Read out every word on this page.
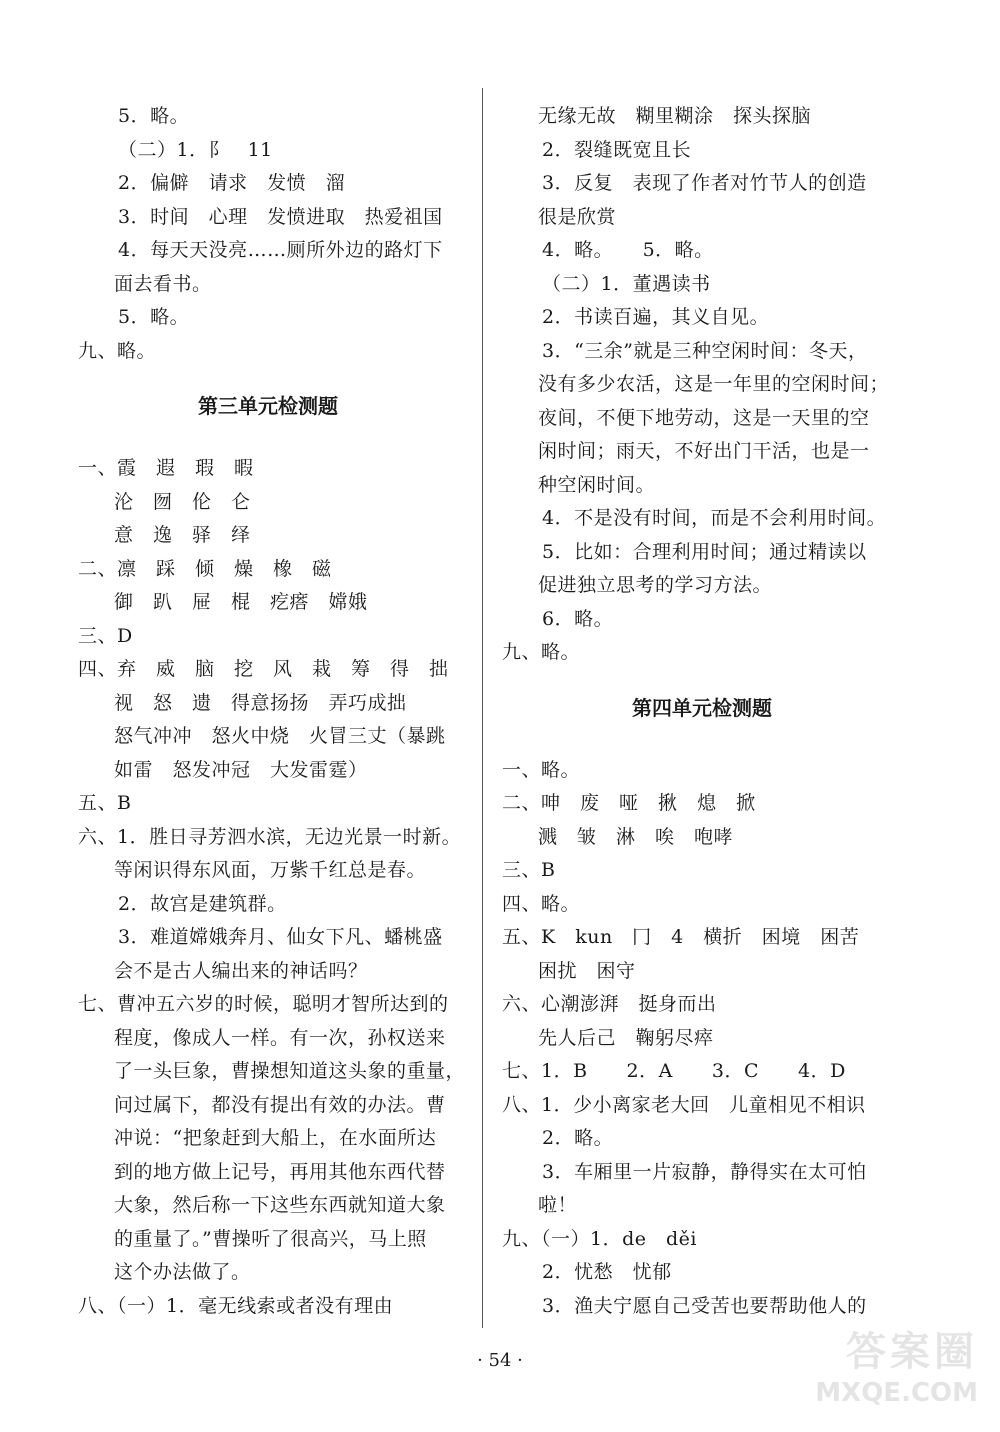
5．略。
（二）1．阝　11
2．偏僻　请求　发愤　溜
3．时间　心理　发愤进取　热爱祖国
4．每天天没亮……厕所外边的路灯下
面去看书。
5．略。
九、略。
第三单元检测题
一、霞　遐　瑕　暇
沦　囫　伦　仑
意　逸　驿　绎
二、凛　踩　倾　燥　橡　磁
御　趴　屉　棍　疙瘩　嫦娥
三、D
四、弃　威　脑　挖　风　栽　筹　得　拙
视　怒　遗　得意扬扬　弄巧成拙
怒气冲冲　怒火中烧　火冒三丈（暴跳
如雷　怒发冲冠　大发雷霆）
五、B
六、1．胜日寻芳泗水滨，无边光景一时新。
等闲识得东风面，万紫千红总是春。
2．故宫是建筑群。
3．难道嫦娥奔月、仙女下凡、蟠桃盛
会不是古人编出来的神话吗？
七、曹冲五六岁的时候，聪明才智所达到的
程度，像成人一样。有一次，孙权送来
了一头巨象，曹操想知道这头象的重量，
问过属下，都没有提出有效的办法。曹
冲说：“把象赶到大船上，在水面所达
到的地方做上记号，再用其他东西代替
大象，然后称一下这些东西就知道大象
的重量了。”曹操听了很高兴，马上照
这个办法做了。
八、（一）1．毫无线索或者没有理由
无缘无故　糊里糊涂　探头探脑
2．裂缝既宽且长
3．反复　表现了作者对竹节人的创造
很是欣赏
4．略。　　5．略。
（二）1．董遇读书
2．书读百遍，其义自见。
3．“三余”就是三种空闲时间：冬天，
没有多少农活，这是一年里的空闲时间；
夜间，不便下地劳动，这是一天里的空
闲时间；雨天，不好出门干活，也是一
种空闲时间。
4．不是没有时间，而是不会利用时间。
5．比如：合理利用时间；通过精读以
促进独立思考的学习方法。
6．略。
九、略。
第四单元检测题
一、略。
二、呻　废　哑　揪　熄　掀
溅　皱　淋　唉　咆哮
三、B
四、略。
五、K　kun　冂　4　横折　困境　困苦
困扰　困守
六、心潮澎湃　挺身而出
先人后己　鞠躬尽瘁
七、1．B　　2．A　　3．C　　4．D
八、1．少小离家老大回　儿童相见不相识
2．略。
3．车厢里一片寂静，静得实在太可怕
啦！
九、（一）1．de　děi
2．忧愁　忧郁
3．渔夫宁愿自己受苦也要帮助他人的
· 54 ·	答案圈
MXQE.COM
